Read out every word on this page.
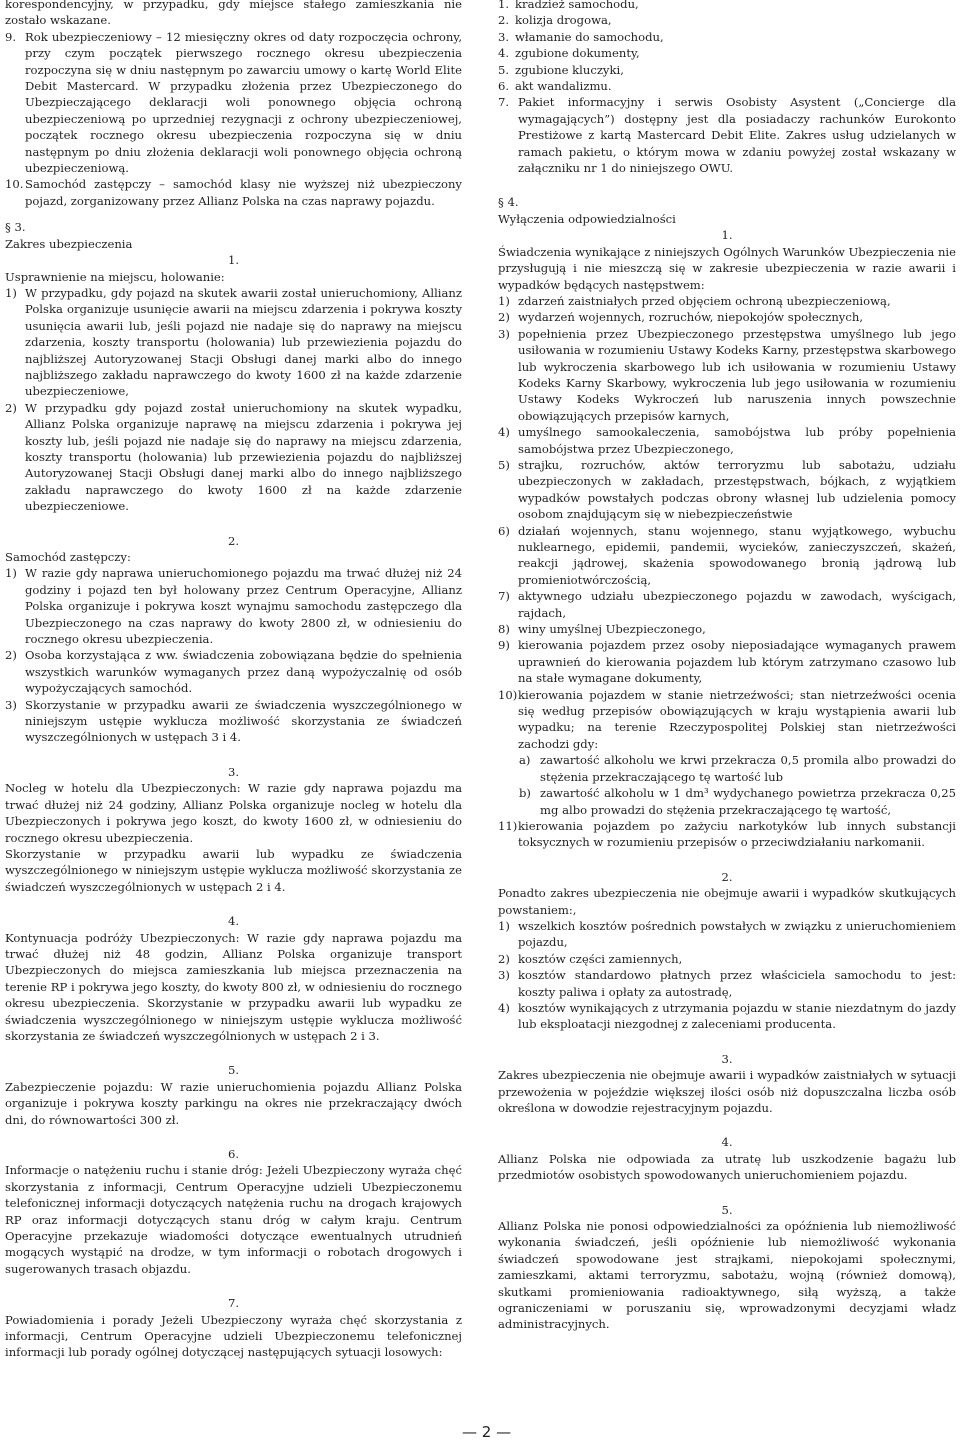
korespondencyjny, w przypadku, gdy miejsce stałego zamieszkania nie zostało wskazane.

9. Rok ubezpieczeniowy – 12 miesięczny okres od daty rozpoczęcia ochrony, przy czym początek pierwszego rocznego okresu ubezpieczenia rozpoczyna się w dniu następnym po zawarciu umowy o kartę World Elite Debit Mastercard. W przypadku złożenia przez Ubezpieczonego do Ubezpieczającego deklaracji woli ponownego objęcia ochroną ubezpieczeniową po uprzedniej rezygnacji z ochrony ubezpieczeniowej, początek rocznego okresu ubezpieczenia rozpoczyna się w dniu następnym po dniu złożenia deklaracji woli ponownego objęcia ochroną ubezpieczeniową.

10. Samochód zastępczy – samochód klasy nie wyższej niż ubezpieczony pojazd, zorganizowany przez Allianz Polska na czas naprawy pojazdu.

§ 3.

Zakres ubezpieczenia

1.

Usprawnienie na miejscu, holowanie:

1) W przypadku, gdy pojazd na skutek awarii został unieruchomiony, Allianz Polska organizuje usunięcie awarii na miejscu zdarzenia i pokrywa koszty usunięcia awarii lub, jeśli pojazd nie nadaje się do naprawy na miejscu zdarzenia, koszty transportu (holowania) lub przewiezienia pojazdu do najbliższej Autoryzowanej Stacji Obsługi danej marki albo do innego najbliższego zakładu naprawczego do kwoty 1600 zł na każde zdarzenie ubezpieczeniowe,

2) W przypadku gdy pojazd został unieruchomiony na skutek wypadku, Allianz Polska organizuje naprawę na miejscu zdarzenia i pokrywa jej koszty lub, jeśli pojazd nie nadaje się do naprawy na miejscu zdarzenia, koszty transportu (holowania) lub przewiezienia pojazdu do najbliższej Autoryzowanej Stacji Obsługi danej marki albo do innego najbliższego zakładu naprawczego do kwoty 1600 zł na każde zdarzenie ubezpieczeniowe.

2.

Samochód zastępczy:

1) W razie gdy naprawa unieruchomionego pojazdu ma trwać dłużej niż 24 godziny i pojazd ten był holowany przez Centrum Operacyjne, Allianz Polska organizuje i pokrywa koszt wynajmu samochodu zastępczego dla Ubezpieczonego na czas naprawy do kwoty 2800 zł, w odniesieniu do rocznego okresu ubezpieczenia.

2) Osoba korzystająca z ww. świadczenia zobowiązana będzie do spełnienia wszystkich warunków wymaganych przez daną wypożyczalnię od osób wypożyczających samochód.

3) Skorzystanie w przypadku awarii ze świadczenia wyszczególnionego w niniejszym ustępie wyklucza możliwość skorzystania ze świadczeń wyszczególnionych w ustępach 3 i 4.

3.

Nocleg w hotelu dla Ubezpieczonych: W razie gdy naprawa pojazdu ma trwać dłużej niż 24 godziny, Allianz Polska organizuje nocleg w hotelu dla Ubezpieczonych i pokrywa jego koszt, do kwoty 1600 zł, w odniesieniu do rocznego okresu ubezpieczenia.

Skorzystanie w przypadku awarii lub wypadku ze świadczenia wyszczególnionego w niniejszym ustępie wyklucza możliwość skorzystania ze świadczeń wyszczególnionych w ustępach 2 i 4.

4.

Kontynuacja podróży Ubezpieczonych: W razie gdy naprawa pojazdu ma trwać dłużej niż 48 godzin, Allianz Polska organizuje transport Ubezpieczonych do miejsca zamieszkania lub miejsca przeznaczenia na terenie RP i pokrywa jego koszty, do kwoty 800 zł, w odniesieniu do rocznego okresu ubezpieczenia. Skorzystanie w przypadku awarii lub wypadku ze świadczenia wyszczególnionego w niniejszym ustępie wyklucza możliwość skorzystania ze świadczeń wyszczególnionych w ustępach 2 i 3.

5.

Zabezpieczenie pojazdu: W razie unieruchomienia pojazdu Allianz Polska organizuje i pokrywa koszty parkingu na okres nie przekraczający dwóch dni, do równowartości 300 zł.

6.

Informacje o natężeniu ruchu i stanie dróg: Jeżeli Ubezpieczony wyraża chęć skorzystania z informacji, Centrum Operacyjne udzieli Ubezpieczonemu telefonicznej informacji dotyczących natężenia ruchu na drogach krajowych RP oraz informacji dotyczących stanu dróg w całym kraju. Centrum Operacyjne przekazuje wiadomości dotyczące ewentualnych utrudnień mogących wystąpić na drodze, w tym informacji o robotach drogowych i sugerowanych trasach objazdu.

7.

Powiadomienia i porady Jeżeli Ubezpieczony wyraża chęć skorzystania z informacji, Centrum Operacyjne udzieli Ubezpieczonemu telefonicznej informacji lub porady ogólnej dotyczącej następujących sytuacji losowych:

1. kradzież samochodu,

2. kolizja drogowa,

3. włamanie do samochodu,

4. zgubione dokumenty,

5. zgubione kluczyki,

6. akt wandalizmu.

7. Pakiet informacyjny i serwis Osobisty Asystent („Concierge dla wymagających”) dostępny jest dla posiadaczy rachunków Eurokonto Prestiżowe z kartą Mastercard Debit Elite. Zakres usług udzielanych w ramach pakietu, o którym mowa w zdaniu powyżej został wskazany w załączniku nr 1 do niniejszego OWU.

§ 4.

Wyłączenia odpowiedzialności

1.

Świadczenia wynikające z niniejszych Ogólnych Warunków Ubezpieczenia nie przysługują i nie mieszczą się w zakresie ubezpieczenia w razie awarii i wypadków będących następstwem:

1) zdarzeń zaistniałych przed objęciem ochroną ubezpieczeniową,

2) wydarzeń wojennych, rozruchów, niepokojów społecznych,

3) popełnienia przez Ubezpieczonego przestępstwa umyślnego lub jego usiłowania w rozumieniu Ustawy Kodeks Karny, przestępstwa skarbowego lub wykroczenia skarbowego lub ich usiłowania w rozumieniu Ustawy Kodeks Karny Skarbowy, wykroczenia lub jego usiłowania w rozumieniu Ustawy Kodeks Wykroczeń lub naruszenia innych powszechnie obowiązujących przepisów karnych,

4) umyślnego samookaleczenia, samobójstwa lub próby popełnienia samobójstwa przez Ubezpieczonego,

5) strajku, rozruchów, aktów terroryzmu lub sabotażu, udziału ubezpieczonych w zakładach, przestępstwach, bójkach, z wyjątkiem wypadków powstałych podczas obrony własnej lub udzielenia pomocy osobom znajdującym się w niebezpieczeństwie

6) działań wojennych, stanu wojennego, stanu wyjątkowego, wybuchu nuklearnego, epidemii, pandemii, wycieków, zanieczyszczeń, skażeń, reakcji jądrowej, skażenia spowodowanego bronią jądrową lub promieniotwórczością,

7) aktywnego udziału ubezpieczonego pojazdu w zawodach, wyścigach, rajdach,

8) winy umyślnej Ubezpieczonego,

9) kierowania pojazdem przez osoby nieposiadające wymaganych prawem uprawnień do kierowania pojazdem lub którym zatrzymano czasowo lub na stałe wymagane dokumenty,

10) kierowania pojazdem w stanie nietrzeźwości; stan nietrzeźwości ocenia się według przepisów obowiązujących w kraju wystąpienia awarii lub wypadku; na terenie Rzeczypospolitej Polskiej stan nietrzeźwości zachodzi gdy:

a) zawartość alkoholu we krwi przekracza 0,5 promila albo prowadzi do stężenia przekraczającego tę wartość lub

b) zawartość alkoholu w 1 dm³ wydychanego powietrza przekracza 0,25 mg albo prowadzi do stężenia przekraczającego tę wartość,

11) kierowania pojazdem po zażyciu narkotyków lub innych substancji toksycznych w rozumieniu przepisów o przeciwdziałaniu narkomanii.

2.

Ponadto zakres ubezpieczenia nie obejmuje awarii i wypadków skutkujących powstaniem:,

1) wszelkich kosztów pośrednich powstałych w związku z unieruchomieniem pojazdu,

2) kosztów części zamiennych,

3) kosztów standardowo płatnych przez właściciela samochodu to jest: koszty paliwa i opłaty za autostradę,

4) kosztów wynikających z utrzymania pojazdu w stanie niezdatnym do jazdy lub eksploatacji niezgodnej z zaleceniami producenta.

3.

Zakres ubezpieczenia nie obejmuje awarii i wypadków zaistniałych w sytuacji przewożenia w pojeździe większej ilości osób niż dopuszczalna liczba osób określona w dowodzie rejestracyjnym pojazdu.

4.

Allianz Polska nie odpowiada za utratę lub uszkodzenie bagażu lub przedmiotów osobistych spowodowanych unieruchomieniem pojazdu.

5.

Allianz Polska nie ponosi odpowiedzialności za opóźnienia lub niemożliwość wykonania świadczeń, jeśli opóźnienie lub niemożliwość wykonania świadczeń spowodowane jest strajkami, niepokojami społecznymi, zamieszkami, aktami terroryzmu, sabotażu, wojną (również domową), skutkami promieniowania radioaktywnego, siłą wyższą, a także ograniczeniami w poruszaniu się, wprowadzonymi decyzjami władz administracyjnych.

— 2 —
